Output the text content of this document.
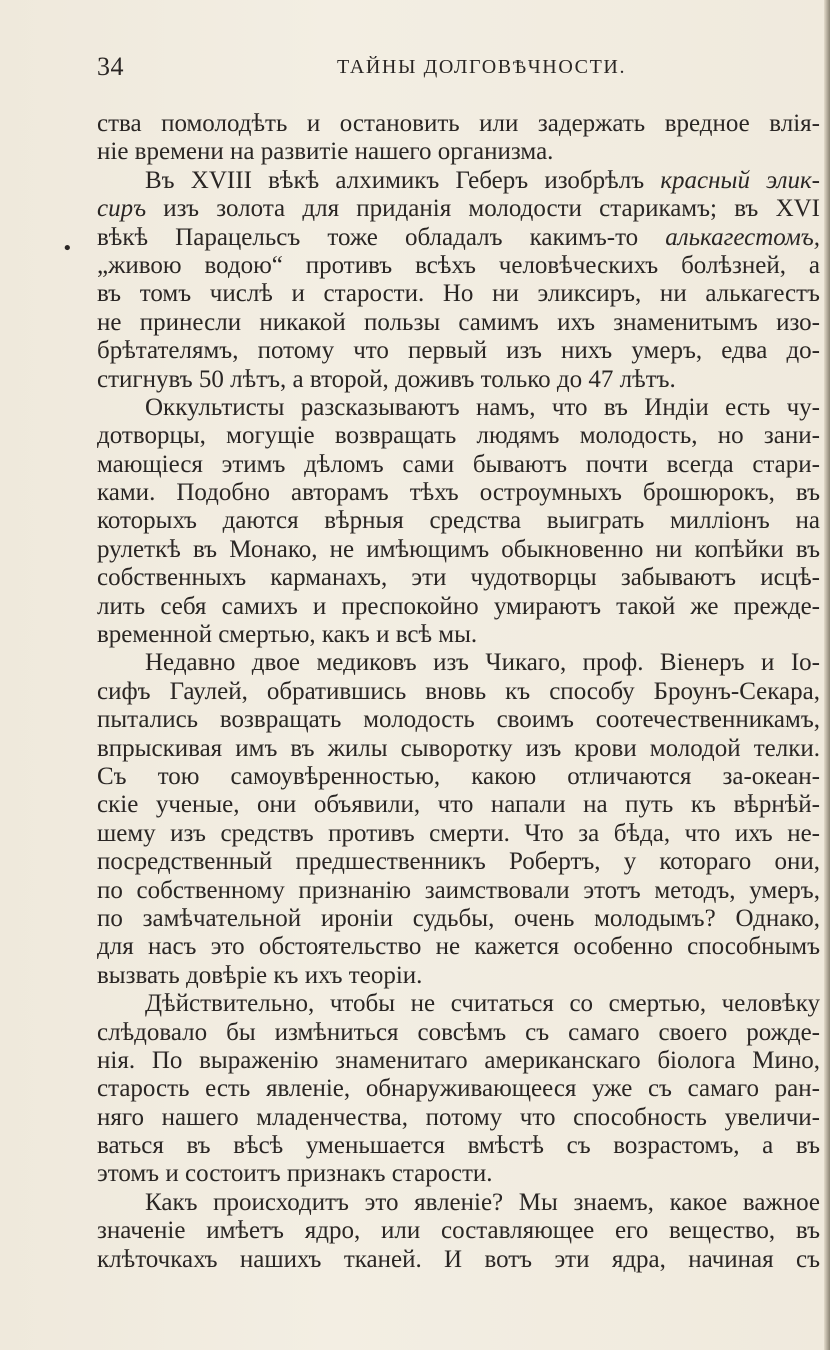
34	ТАЙНЫ ДОЛГОВѢЧНОСТИ.
•
ства помолодѣть и остановить или задержать вредное влія-
ніе времени на развитіе нашего организма.
Въ XVIII вѣкѣ алхимикъ Геберъ изобрѣлъ красный элик-
сиръ изъ золота для приданія молодости старикамъ; въ XVI
вѣкѣ Парацельсъ тоже обладалъ какимъ-то алькагестомъ,
„живою водою“ противъ всѣхъ человѣческихъ болѣзней, а
въ томъ числѣ и старости. Но ни эликсиръ, ни алькагестъ
не принесли никакой пользы самимъ ихъ знаменитымъ изо-
брѣтателямъ, потому что первый изъ нихъ умеръ, едва до-
стигнувъ 50 лѣтъ, а второй, доживъ только до 47 лѣтъ.
Оккультисты разсказываютъ намъ, что въ Индіи есть чу-
дотворцы, могущіе возвращать людямъ молодость, но зани-
мающіеся этимъ дѣломъ сами бываютъ почти всегда стари-
ками. Подобно авторамъ тѣхъ остроумныхъ брошюрокъ, въ
которыхъ даются вѣрныя средства выиграть милліонъ на
рулеткѣ въ Монако, не имѣющимъ обыкновенно ни копѣйки въ
собственныхъ карманахъ, эти чудотворцы забываютъ исцѣ-
лить себя самихъ и преспокойно умираютъ такой же преждe-
временной смертью, какъ и всѣ мы.
Недавно двое медиковъ изъ Чикаго, проф. Віенеръ и Іо-
сифъ Гаулей, обратившись вновь къ способу Броунъ-Секара,
пытались возвращать молодость своимъ соотечественникамъ,
впрыскивая имъ въ жилы сыворотку изъ крови молодой телки.
Съ тою самоувѣренностью, какою отличаются за-океан-
скіе ученые, они объявили, что напали на путь къ вѣрнѣй-
шему изъ средствъ противъ смерти. Что за бѣда, что ихъ не-
посредственный предшественникъ Робертъ, у котораго они,
по собственному признанію заимствовали этотъ методъ, умеръ,
по замѣчательной ироніи судьбы, очень молодымъ? Однако,
для насъ это обстоятельство не кажется особенно способнымъ
вызвать довѣріе къ ихъ теоріи.
Дѣйствительно, чтобы не считаться со смертью, человѣку
слѣдовало бы измѣниться совсѣмъ съ самаго своего рожде-
нія. По выраженію знаменитаго американскаго біолога Мино,
старость есть явленіе, обнаруживающееся уже съ самаго ран-
няго нашего младенчества, потому что способность увеличи-
ваться въ вѣсѣ уменьшается вмѣстѣ съ возрастомъ, а въ
этомъ и состоитъ признакъ старости.
Какъ происходитъ это явленіе? Мы знаемъ, какое важное
значеніе имѣетъ ядро, или составляющее его вещество, въ
клѣточкахъ нашихъ тканей. И вотъ эти ядра, начиная съ
